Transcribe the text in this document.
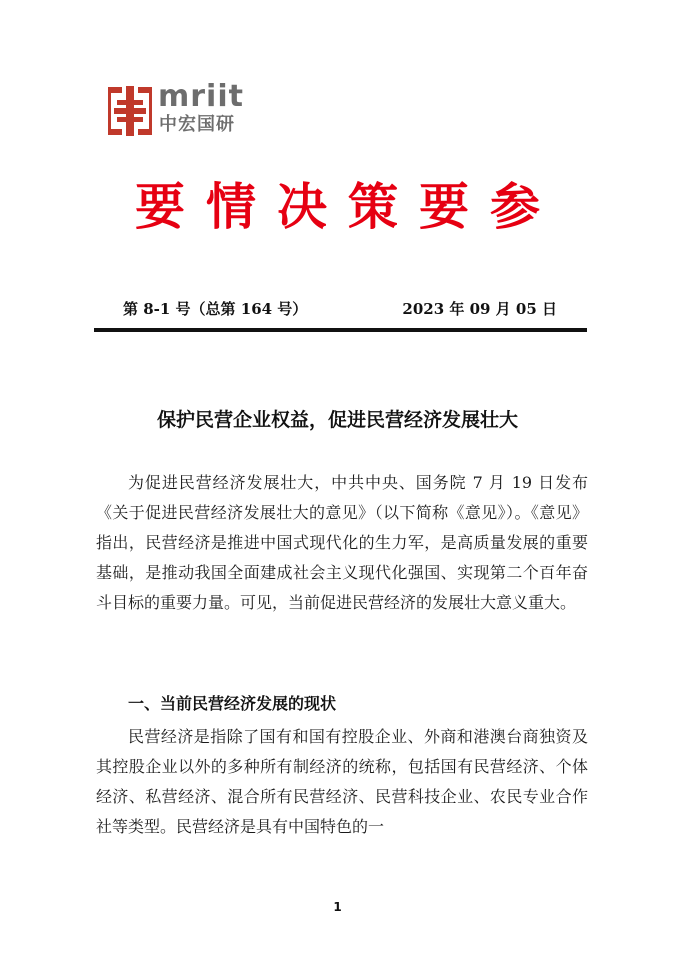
mriit
中宏国研
要情决策要参
第 8-1 号（总第 164 号）	2023 年 09 月 05 日
保护民营企业权益，促进民营经济发展壮大

为促进民营经济发展壮大，中共中央、国务院 7 月 19 日发布《关于促进民营经济发展壮大的意见》（以下简称《意见》）。《意见》指出，民营经济是推进中国式现代化的生力军，是高质量发展的重要基础，是推动我国全面建成社会主义现代化强国、实现第二个百年奋斗目标的重要力量。可见，当前促进民营经济的发展壮大意义重大。

一、当前民营经济发展的现状

民营经济是指除了国有和国有控股企业、外商和港澳台商独资及其控股企业以外的多种所有制经济的统称，包括国有民营经济、个体经济、私营经济、混合所有民营经济、民营科技企业、农民专业合作社等类型。民营经济是具有中国特色的一

1
